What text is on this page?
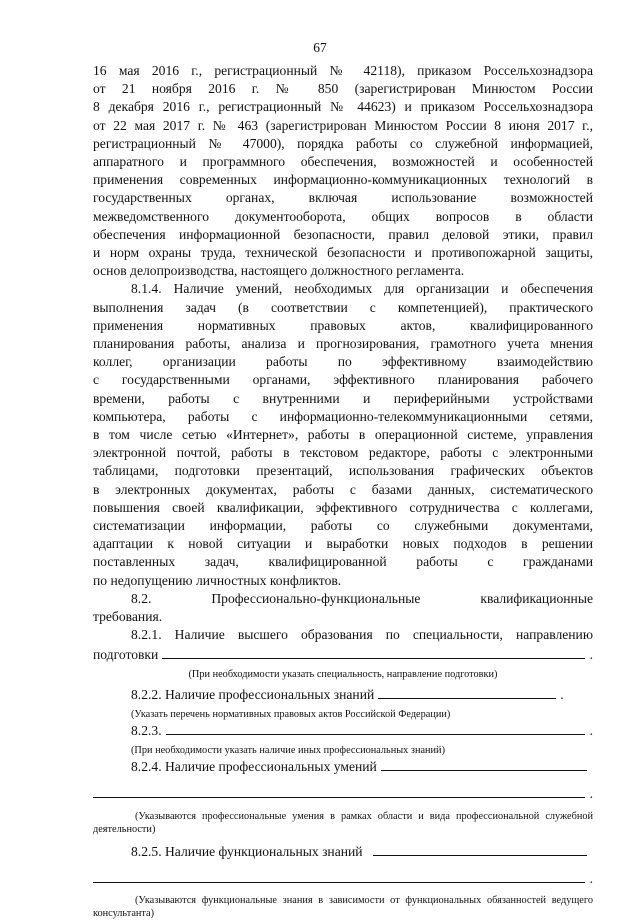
67
16 мая 2016 г., регистрационный № 42118), приказом Россельхознадзора
от 21 ноября 2016 г. № 850 (зарегистрирован Минюстом России
8 декабря 2016 г., регистрационный № 44623) и приказом Россельхознадзора
от 22 мая 2017 г. № 463 (зарегистрирован Минюстом России 8 июня 2017 г.,
регистрационный № 47000), порядка работы со служебной информацией,
аппаратного и программного обеспечения, возможностей и особенностей
применения современных информационно-коммуникационных технологий в
государственных органах, включая использование возможностей
межведомственного документооборота, общих вопросов в области
обеспечения информационной безопасности, правил деловой этики, правил
и норм охраны труда, технической безопасности и противопожарной защиты,
основ делопроизводства, настоящего должностного регламента.
8.1.4. Наличие умений, необходимых для организации и обеспечения
выполнения задач (в соответствии с компетенцией), практического
применения нормативных правовых актов, квалифицированного
планирования работы, анализа и прогнозирования, грамотного учета мнения
коллег, организации работы по эффективному взаимодействию
с государственными органами, эффективного планирования рабочего
времени, работы с внутренними и периферийными устройствами
компьютера, работы с информационно-телекоммуникационными сетями,
в том числе сетью «Интернет», работы в операционной системе, управления
электронной почтой, работы в текстовом редакторе, работы с электронными
таблицами, подготовки презентаций, использования графических объектов
в электронных документах, работы с базами данных, систематического
повышения своей квалификации, эффективного сотрудничества с коллегами,
систематизации информации, работы со служебными документами,
адаптации к новой ситуации и выработки новых подходов в решении
поставленных задач, квалифицированной работы с гражданами
по недопущению личностных конфликтов.
8.2. Профессионально-функциональные квалификационные
требования.
8.2.1. Наличие высшего образования по специальности, направлению
подготовки	.
(При необходимости указать специальность, направление подготовки)
8.2.2. Наличие профессиональных знаний	.
(Указать перечень нормативных правовых актов Российской Федерации)
8.2.3.	.
(При необходимости указать наличие иных профессиональных знаний)
8.2.4. Наличие профессиональных умений
.
(Указываются профессиональные умения в рамках области и вида профессиональной служебной деятельности)
8.2.5. Наличие функциональных знаний
.
(Указываются функциональные знания в зависимости от функциональных обязанностей ведущего консультанта)
